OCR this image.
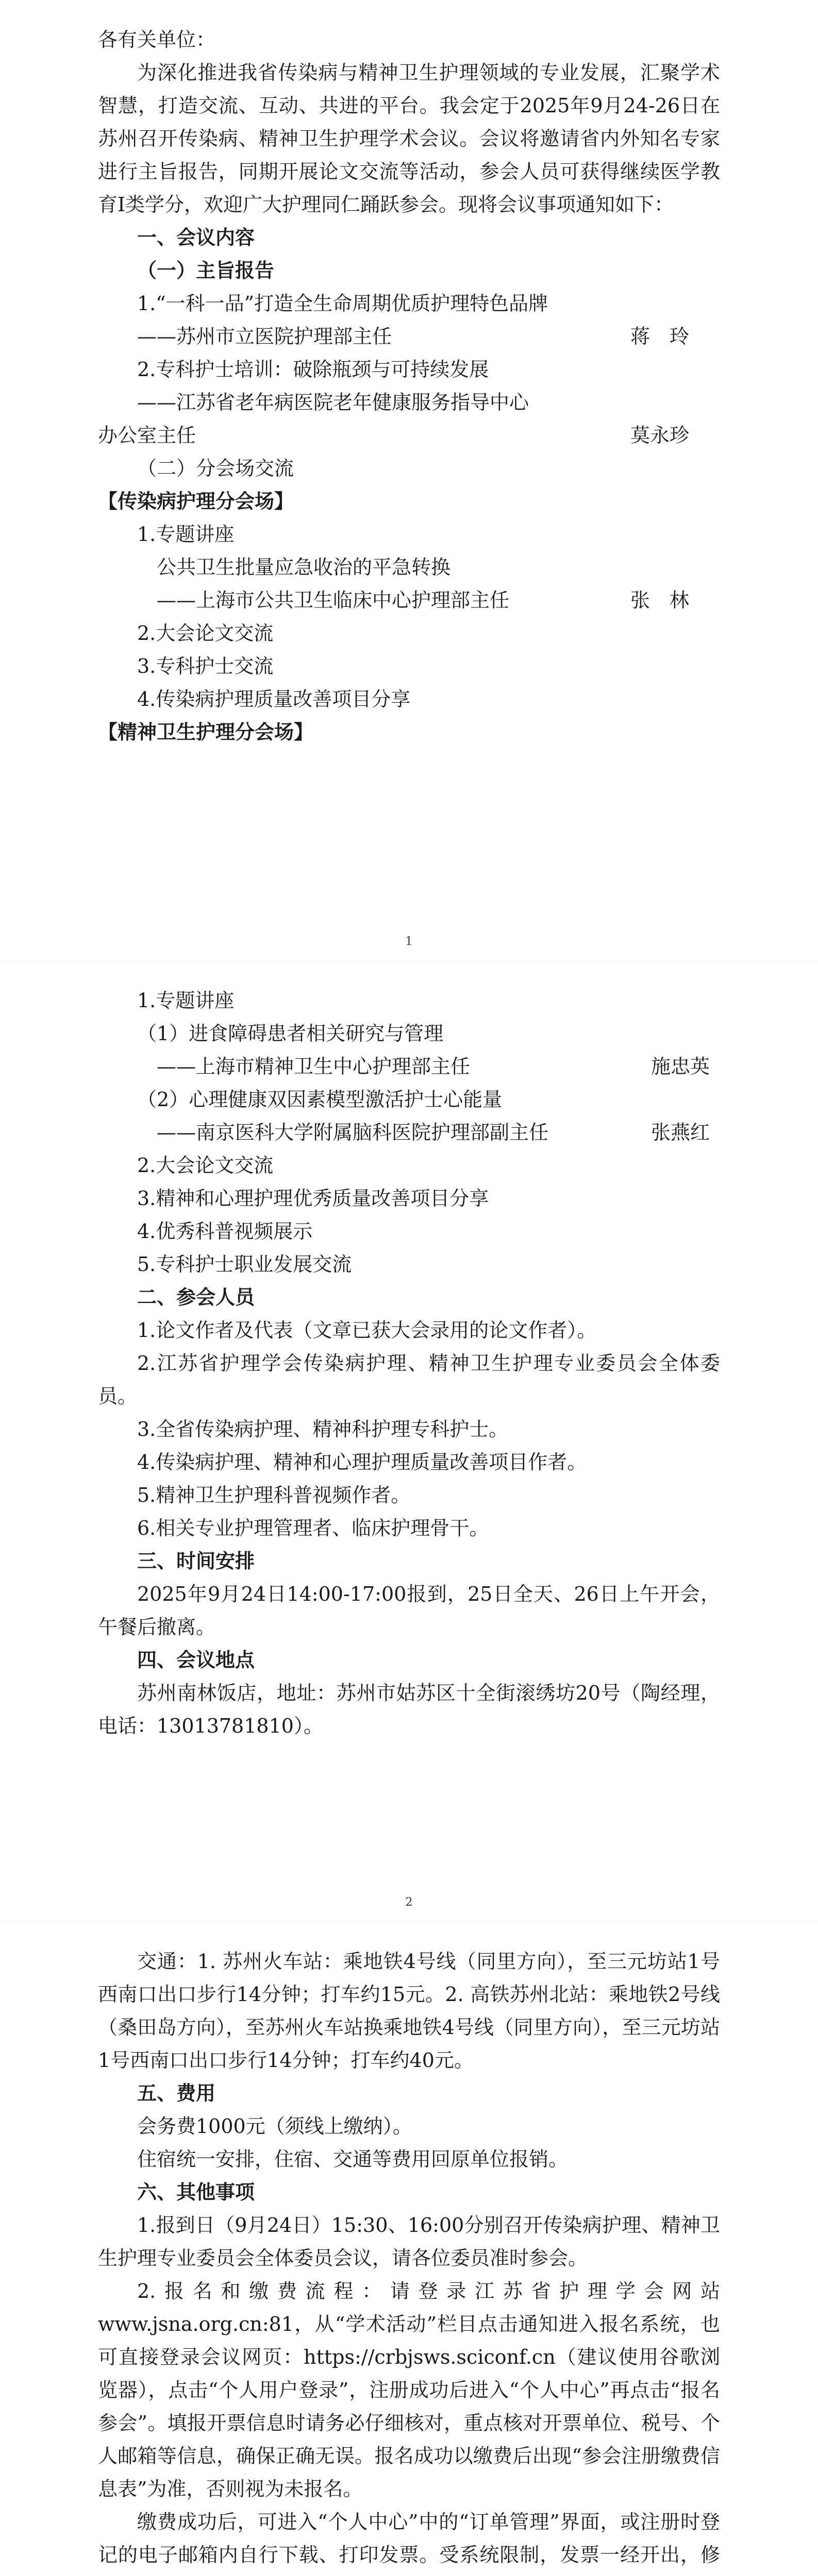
各有关单位：

为深化推进我省传染病与精神卫生护理领域的专业发展，汇聚学术智慧，打造交流、互动、共进的平台。我会定于2025年9月24-26日在苏州召开传染病、精神卫生护理学术会议。会议将邀请省内外知名专家进行主旨报告，同期开展论文交流等活动，参会人员可获得继续医学教育I类学分，欢迎广大护理同仁踊跃参会。现将会议事项通知如下：

一、会议内容

（一）主旨报告

1.“一科一品”打造全生命周期优质护理特色品牌

——苏州市立医院护理部主任	蒋　玲

2.专科护士培训：破除瓶颈与可持续发展

——江苏省老年病医院老年健康服务指导中心

办公室主任	莫永珍

（二）分会场交流

【传染病护理分会场】

1.专题讲座

公共卫生批量应急收治的平急转换

——上海市公共卫生临床中心护理部主任	张　林

2.大会论文交流

3.专科护士交流

4.传染病护理质量改善项目分享

【精神卫生护理分会场】

1

1.专题讲座

（1）进食障碍患者相关研究与管理

——上海市精神卫生中心护理部主任	施忠英

（2）心理健康双因素模型激活护士心能量

——南京医科大学附属脑科医院护理部副主任	张燕红

2.大会论文交流

3.精神和心理护理优秀质量改善项目分享

4.优秀科普视频展示

5.专科护士职业发展交流

二、参会人员

1.论文作者及代表（文章已获大会录用的论文作者）。

2.江苏省护理学会传染病护理、精神卫生护理专业委员会全体委员。

3.全省传染病护理、精神科护理专科护士。

4.传染病护理、精神和心理护理质量改善项目作者。

5.精神卫生护理科普视频作者。

6.相关专业护理管理者、临床护理骨干。

三、时间安排

2025年9月24日14:00-17:00报到，25日全天、26日上午开会，午餐后撤离。

四、会议地点

苏州南林饭店，地址：苏州市姑苏区十全街滚绣坊20号（陶经理，电话：13013781810）。

2

交通：1. 苏州火车站：乘地铁4号线（同里方向），至三元坊站1号西南口出口步行14分钟；打车约15元。2. 高铁苏州北站：乘地铁2号线（桑田岛方向），至苏州火车站换乘地铁4号线（同里方向），至三元坊站1号西南口出口步行14分钟；打车约40元。

五、费用

会务费1000元（须线上缴纳）。

住宿统一安排，住宿、交通等费用回原单位报销。

六、其他事项

1.报到日（9月24日）15:30、16:00分别召开传染病护理、精神卫生护理专业委员会全体委员会议，请各位委员准时参会。

2.报名和缴费流程：请登录江苏省护理学会网站www.jsna.org.cn:81，从“学术活动”栏目点击通知进入报名系统，也可直接登录会议网页：https://crbjsws.sciconf.cn（建议使用谷歌浏览器），点击“个人用户登录”，注册成功后进入“个人中心”再点击“报名参会”。填报开票信息时请务必仔细核对，重点核对开票单位、税号、个人邮箱等信息，确保正确无误。报名成功以缴费后出现“参会注册缴费信息表”为准，否则视为未报名。

缴费成功后，可进入“个人中心”中的“订单管理”界面，或注册时登记的电子邮箱内自行下载、打印发票。受系统限制，发票一经开出，修
